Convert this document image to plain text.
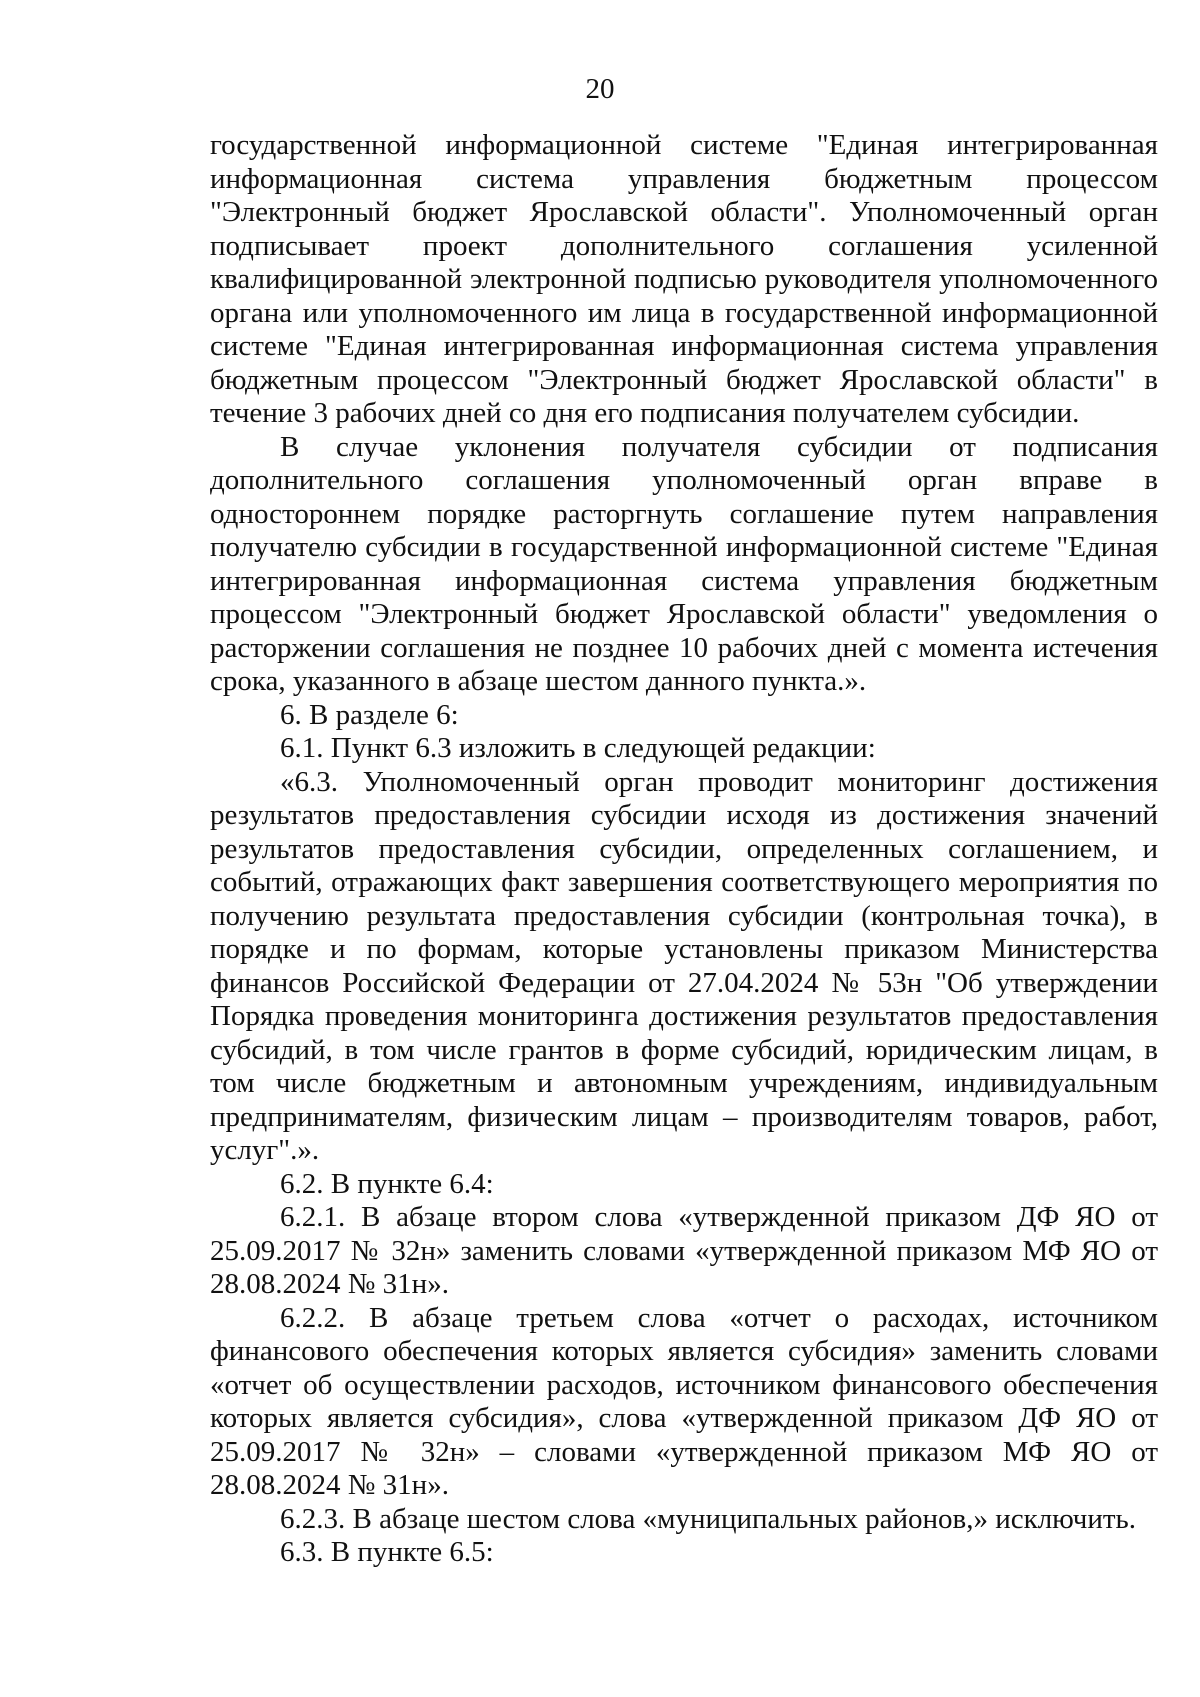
20

государственной информационной системе "Единая интегрированная информационная система управления бюджетным процессом "Электронный бюджет Ярославской области". Уполномоченный орган подписывает проект дополнительного соглашения усиленной квалифицированной электронной подписью руководителя уполномоченного органа или уполномоченного им лица в государственной информационной системе "Единая интегрированная информационная система управления бюджетным процессом "Электронный бюджет Ярославской области" в течение 3 рабочих дней со дня его подписания получателем субсидии.

В случае уклонения получателя субсидии от подписания дополнительного соглашения уполномоченный орган вправе в одностороннем порядке расторгнуть соглашение путем направления получателю субсидии в государственной информационной системе "Единая интегрированная информационная система управления бюджетным процессом "Электронный бюджет Ярославской области" уведомления о расторжении соглашения не позднее 10 рабочих дней с момента истечения срока, указанного в абзаце шестом данного пункта.».

6. В разделе 6:

6.1. Пункт 6.3 изложить в следующей редакции:

«6.3. Уполномоченный орган проводит мониторинг достижения результатов предоставления субсидии исходя из достижения значений результатов предоставления субсидии, определенных соглашением, и событий, отражающих факт завершения соответствующего мероприятия по получению результата предоставления субсидии (контрольная точка), в порядке и по формам, которые установлены приказом Министерства финансов Российской Федерации от 27.04.2024 № 53н "Об утверждении Порядка проведения мониторинга достижения результатов предоставления субсидий, в том числе грантов в форме субсидий, юридическим лицам, в том числе бюджетным и автономным учреждениям, индивидуальным предпринимателям, физическим лицам – производителям товаров, работ, услуг".».

6.2. В пункте 6.4:

6.2.1. В абзаце втором слова «утвержденной приказом ДФ ЯО от 25.09.2017 № 32н» заменить словами «утвержденной приказом МФ ЯО от 28.08.2024 № 31н».

6.2.2. В абзаце третьем слова «отчет о расходах, источником финансового обеспечения которых является субсидия» заменить словами «отчет об осуществлении расходов, источником финансового обеспечения которых является субсидия», слова «утвержденной приказом ДФ ЯО от 25.09.2017 № 32н» – словами «утвержденной приказом МФ ЯО от 28.08.2024 № 31н».

6.2.3. В абзаце шестом слова «муниципальных районов,» исключить.

6.3. В пункте 6.5:
